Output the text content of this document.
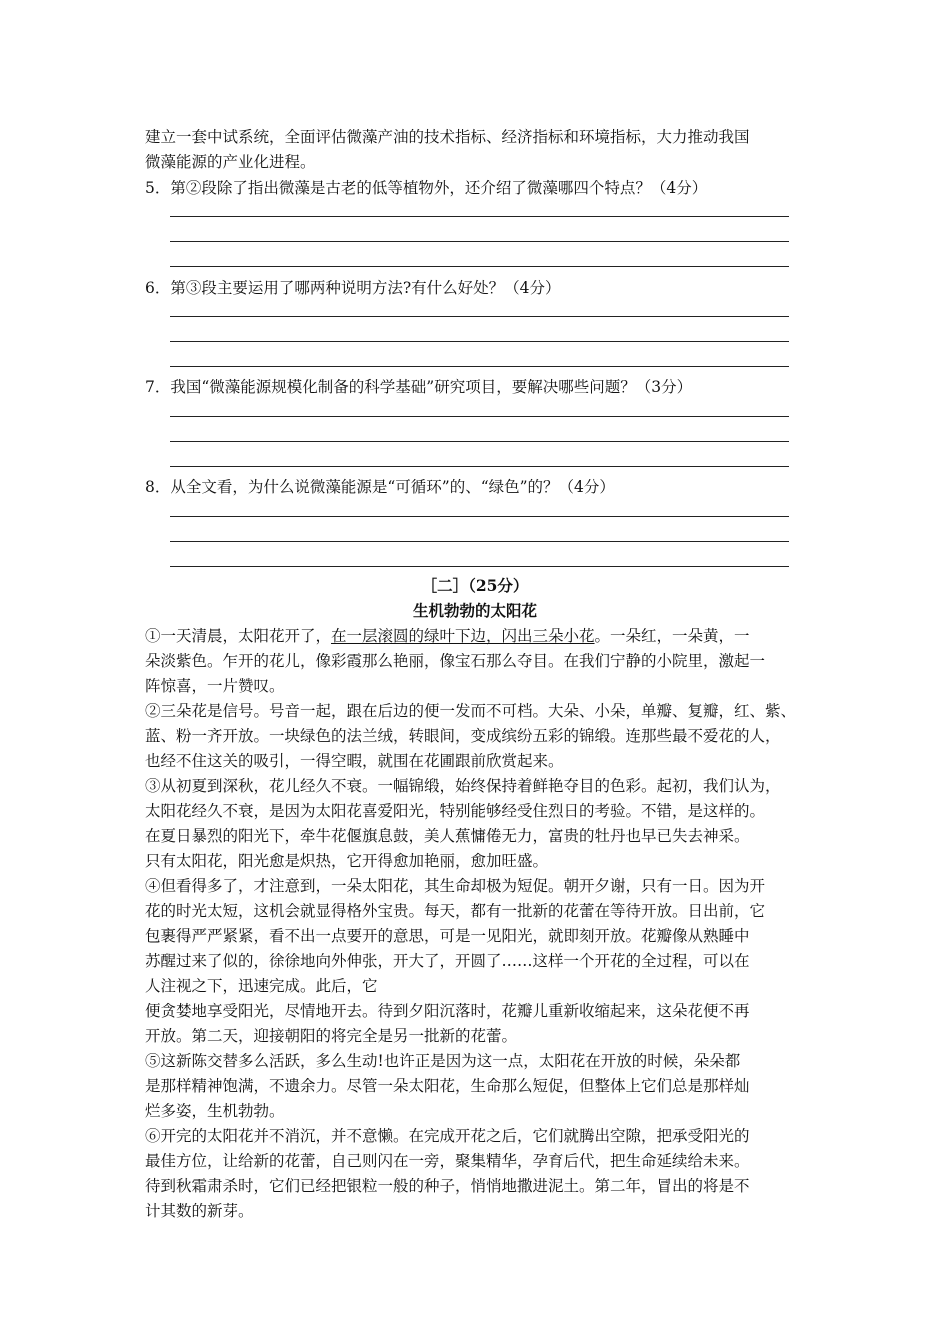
建立一套中试系统，全面评估微藻产油的技术指标、经济指标和环境指标，大力推动我国
微藻能源的产业化进程。
5．第②段除了指出微藻是古老的低等植物外，还介绍了微藻哪四个特点？（4分）
6．第③段主要运用了哪两种说明方法?有什么好处？（4分）
7．我国“微藻能源规模化制备的科学基础”研究项目，要解决哪些问题？（3分）
8．从全文看，为什么说微藻能源是“可循环”的、“绿色”的？（4分）
［二］（25分）
生机勃勃的太阳花
①一天清晨，太阳花开了，在一层滚圆的绿叶下边，闪出三朵小花。一朵红，一朵黄，一
朵淡紫色。乍开的花儿，像彩霞那么艳丽，像宝石那么夺目。在我们宁静的小院里，激起一
阵惊喜，一片赞叹。
②三朵花是信号。号音一起，跟在后边的便一发而不可档。大朵、小朵，单瓣、复瓣，红、紫、
蓝、粉一齐开放。一块绿色的法兰绒，转眼间，变成缤纷五彩的锦缎。连那些最不爱花的人，
也经不住这关的吸引，一得空暇，就围在花圃跟前欣赏起来。
③从初夏到深秋，花儿经久不衰。一幅锦缎，始终保持着鲜艳夺目的色彩。起初，我们认为，
太阳花经久不衰，是因为太阳花喜爱阳光，特别能够经受住烈日的考验。不错，是这样的。
在夏日暴烈的阳光下，牵牛花偃旗息鼓，美人蕉慵倦无力，富贵的牡丹也早已失去神采。
只有太阳花，阳光愈是炽热，它开得愈加艳丽，愈加旺盛。
④但看得多了，才注意到，一朵太阳花，其生命却极为短促。朝开夕谢，只有一日。因为开
花的时光太短，这机会就显得格外宝贵。每天，都有一批新的花蕾在等待开放。日出前，它
包裹得严严紧紧，看不出一点要开的意思，可是一见阳光，就即刻开放。花瓣像从熟睡中
苏醒过来了似的，徐徐地向外伸张，开大了，开圆了……这样一个开花的全过程，可以在
人注视之下，迅速完成。此后，它
便贪婪地享受阳光，尽情地开去。待到夕阳沉落时，花瓣儿重新收缩起来，这朵花便不再
开放。第二天，迎接朝阳的将完全是另一批新的花蕾。
⑤这新陈交替多么活跃，多么生动!也许正是因为这一点，太阳花在开放的时候，朵朵都
是那样精神饱满，不遗余力。尽管一朵太阳花，生命那么短促，但整体上它们总是那样灿
烂多姿，生机勃勃。
⑥开完的太阳花并不消沉，并不意懒。在完成开花之后，它们就腾出空隙，把承受阳光的
最佳方位，让给新的花蕾，自己则闪在一旁，聚集精华，孕育后代，把生命延续给未来。
待到秋霜肃杀时，它们已经把银粒一般的种子，悄悄地撒进泥土。第二年，冒出的将是不
计其数的新芽。
